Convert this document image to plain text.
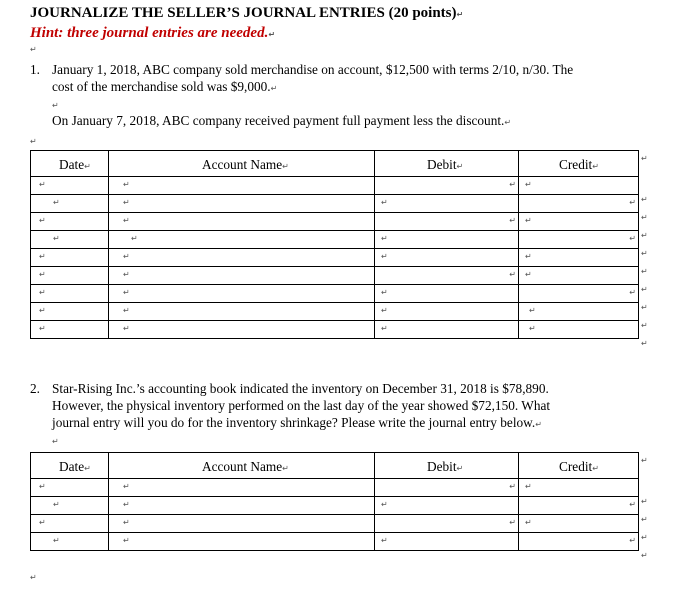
JOURNALIZE THE SELLER’S JOURNAL ENTRIES (20 points)↵
Hint: three journal entries are needed.↵
↵
1. January 1, 2018, ABC company sold merchandise on account, $12,500 with terms 2/10, n/30. The
cost of the merchandise sold was $9,000.↵
↵
On January 7, 2018, ABC company received payment full payment less the discount.↵
↵
Date↵	Account Name↵	Debit↵	Credit↵

↵	↵	↵	↵

↵	↵	↵	↵

↵	↵	↵	↵

↵	↵	↵	↵

↵	↵	↵	↵

↵	↵	↵	↵

↵	↵	↵	↵

↵	↵	↵	↵

↵	↵	↵	↵
↵
↵
↵
↵
↵
↵
↵
↵
↵
↵
2. Star-Rising Inc.’s accounting book indicated the inventory on December 31, 2018 is $78,890.
However, the physical inventory performed on the last day of the year showed $72,150. What
journal entry will you do for the inventory shrinkage? Please write the journal entry below.↵
↵
Date↵	Account Name↵	Debit↵	Credit↵

↵	↵	↵	↵

↵	↵	↵	↵

↵	↵	↵	↵

↵	↵	↵	↵
↵
↵
↵
↵
↵
↵
